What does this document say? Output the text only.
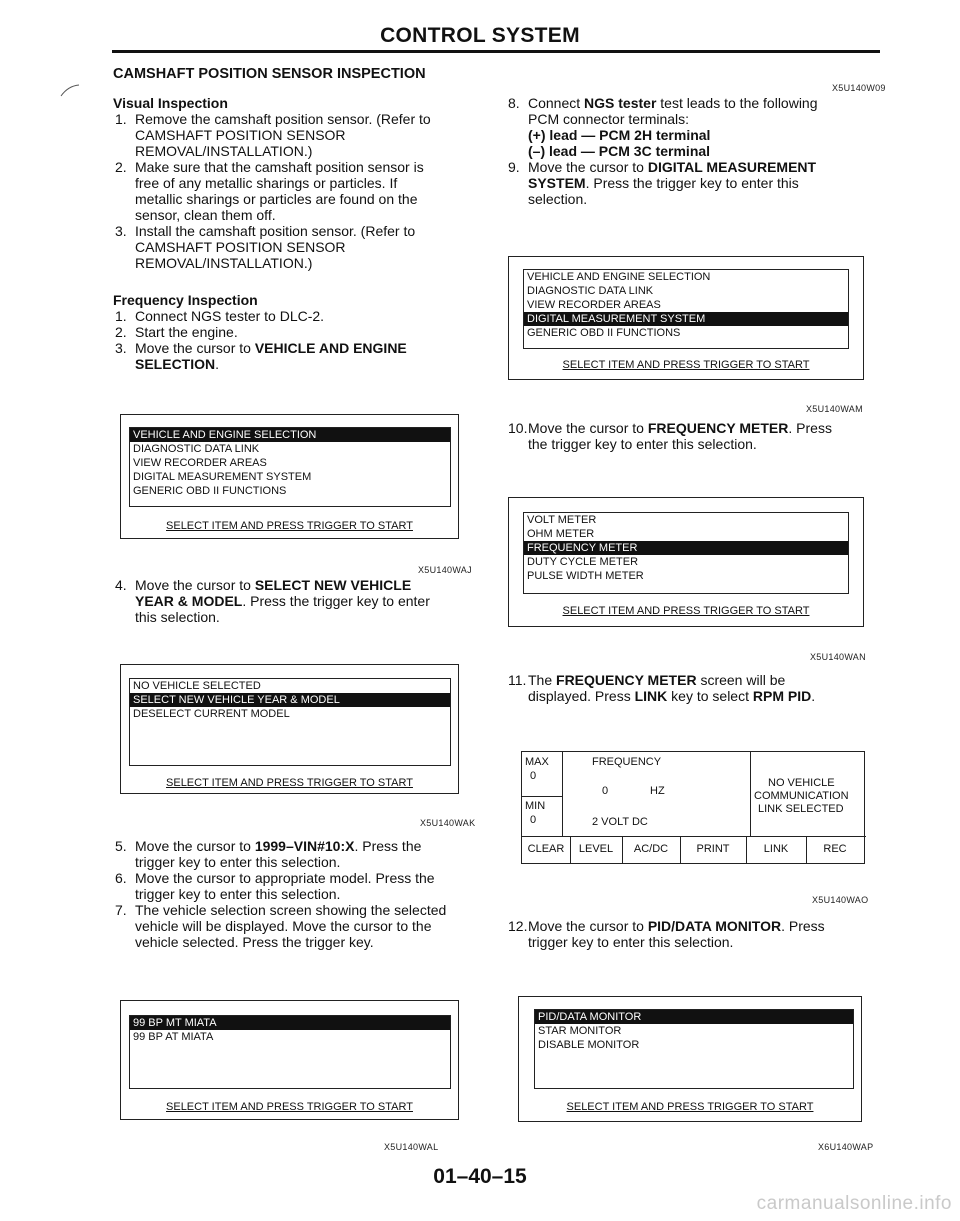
CONTROL SYSTEM
CAMSHAFT POSITION SENSOR INSPECTION
Visual Inspection
1. Remove the camshaft position sensor. (Refer to
CAMSHAFT POSITION SENSOR
REMOVAL/INSTALLATION.)
2. Make sure that the camshaft position sensor is
free of any metallic sharings or particles. If
metallic sharings or particles are found on the
sensor, clean them off.
3. Install the camshaft position sensor. (Refer to
CAMSHAFT POSITION SENSOR
REMOVAL/INSTALLATION.)
Frequency Inspection
1. Connect NGS tester to DLC-2.
2. Start the engine.
3. Move the cursor to VEHICLE AND ENGINE
SELECTION.
VEHICLE AND ENGINE SELECTION
DIAGNOSTIC DATA LINK
VIEW RECORDER AREAS
DIGITAL MEASUREMENT SYSTEM
GENERIC OBD II FUNCTIONS
SELECT ITEM AND PRESS TRIGGER TO START
X5U140WAJ
4. Move the cursor to SELECT NEW VEHICLE
YEAR & MODEL. Press the trigger key to enter
this selection.
NO VEHICLE SELECTED
SELECT NEW VEHICLE YEAR & MODEL
DESELECT CURRENT MODEL
SELECT ITEM AND PRESS TRIGGER TO START
X5U140WAK
5. Move the cursor to 1999–VIN#10:X. Press the
trigger key to enter this selection.
6. Move the cursor to appropriate model. Press the
trigger key to enter this selection.
7. The vehicle selection screen showing the selected
vehicle will be displayed. Move the cursor to the
vehicle selected. Press the trigger key.
99 BP MT MIATA
99 BP AT MIATA
SELECT ITEM AND PRESS TRIGGER TO START
X5U140WAL
X5U140W09
8. Connect NGS tester test leads to the following
PCM connector terminals:
(+) lead — PCM 2H terminal
(–) lead — PCM 3C terminal
9. Move the cursor to DIGITAL MEASUREMENT
SYSTEM. Press the trigger key to enter this
selection.
VEHICLE AND ENGINE SELECTION
DIAGNOSTIC DATA LINK
VIEW RECORDER AREAS
DIGITAL MEASUREMENT SYSTEM
GENERIC OBD II FUNCTIONS
SELECT ITEM AND PRESS TRIGGER TO START
X5U140WAM
10. Move the cursor to FREQUENCY METER. Press
the trigger key to enter this selection.
VOLT METER
OHM METER
FREQUENCY METER
DUTY CYCLE METER
PULSE WIDTH METER
SELECT ITEM AND PRESS TRIGGER TO START
X5U140WAN
11. The FREQUENCY METER screen will be
displayed. Press LINK key to select RPM PID.
MAX
0
MIN
0
FREQUENCY
0	HZ
2 VOLT DC
NO VEHICLE
COMMUNICATION
LINK SELECTED
CLEAR	LEVEL	AC/DC	PRINT	LINK	REC
X5U140WAO
12. Move the cursor to PID/DATA MONITOR. Press
trigger key to enter this selection.
PID/DATA MONITOR
STAR MONITOR
DISABLE MONITOR
SELECT ITEM AND PRESS TRIGGER TO START
X6U140WAP
01–40–15
carmanualsonline.info
